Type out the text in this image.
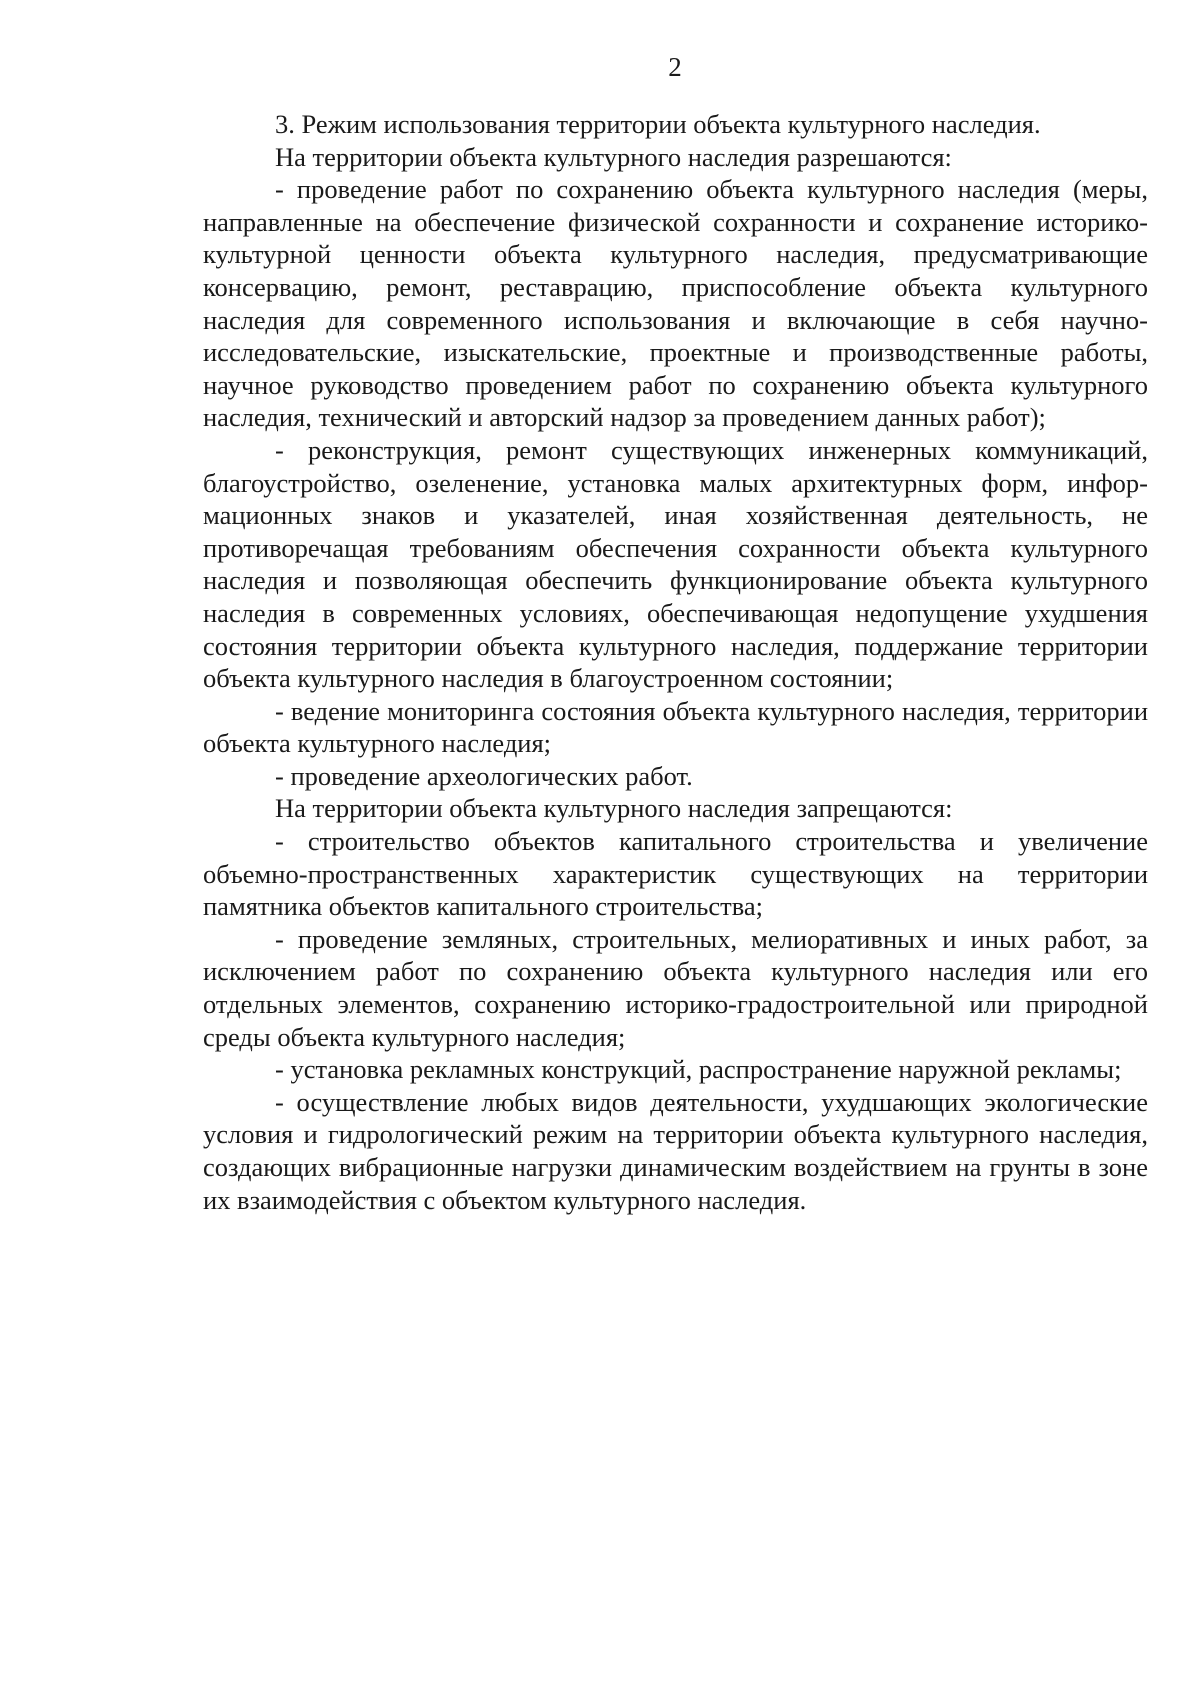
2

3. Режим использования территории объекта культурного наследия.

На территории объекта культурного наследия разрешаются:

- проведение работ по сохранению объекта культурного наследия (меры, направленные на обеспечение физической сохранности и сохранение историко-культурной ценности объекта культурного наследия, предусматривающие консервацию, ремонт, реставрацию, приспособление объекта культурного наследия для современного использования и включающие в себя научно-исследовательские, изыскательские, проектные и производственные работы, научное руководство проведением работ по сохранению объекта культурного наследия, технический и авторский надзор за проведением данных работ);

- реконструкция, ремонт существующих инженерных коммуникаций, благоустройство, озеленение, установка малых архитектурных форм, информационных знаков и указателей, иная хозяйственная деятельность, не противоречащая требованиям обеспечения сохранности объекта культурного наследия и позволяющая обеспечить функционирование объекта культурного наследия в современных условиях, обеспечивающая недопущение ухудшения состояния территории объекта культурного наследия, поддержание территории объекта культурного наследия в благоустроенном состоянии;

- ведение мониторинга состояния объекта культурного наследия, территории объекта культурного наследия;

- проведение археологических работ.

На территории объекта культурного наследия запрещаются:

- строительство объектов капитального строительства и увеличение объемно-пространственных характеристик существующих на территории памятника объектов капитального строительства;

- проведение земляных, строительных, мелиоративных и иных работ, за исключением работ по сохранению объекта культурного наследия или его отдельных элементов, сохранению историко-градостроительной или природной среды объекта культурного наследия;

- установка рекламных конструкций, распространение наружной рекламы;

- осуществление любых видов деятельности, ухудшающих экологические условия и гидрологический режим на территории объекта культурного наследия, создающих вибрационные нагрузки динамическим воздействием на грунты в зоне их взаимодействия с объектом культурного наследия.
